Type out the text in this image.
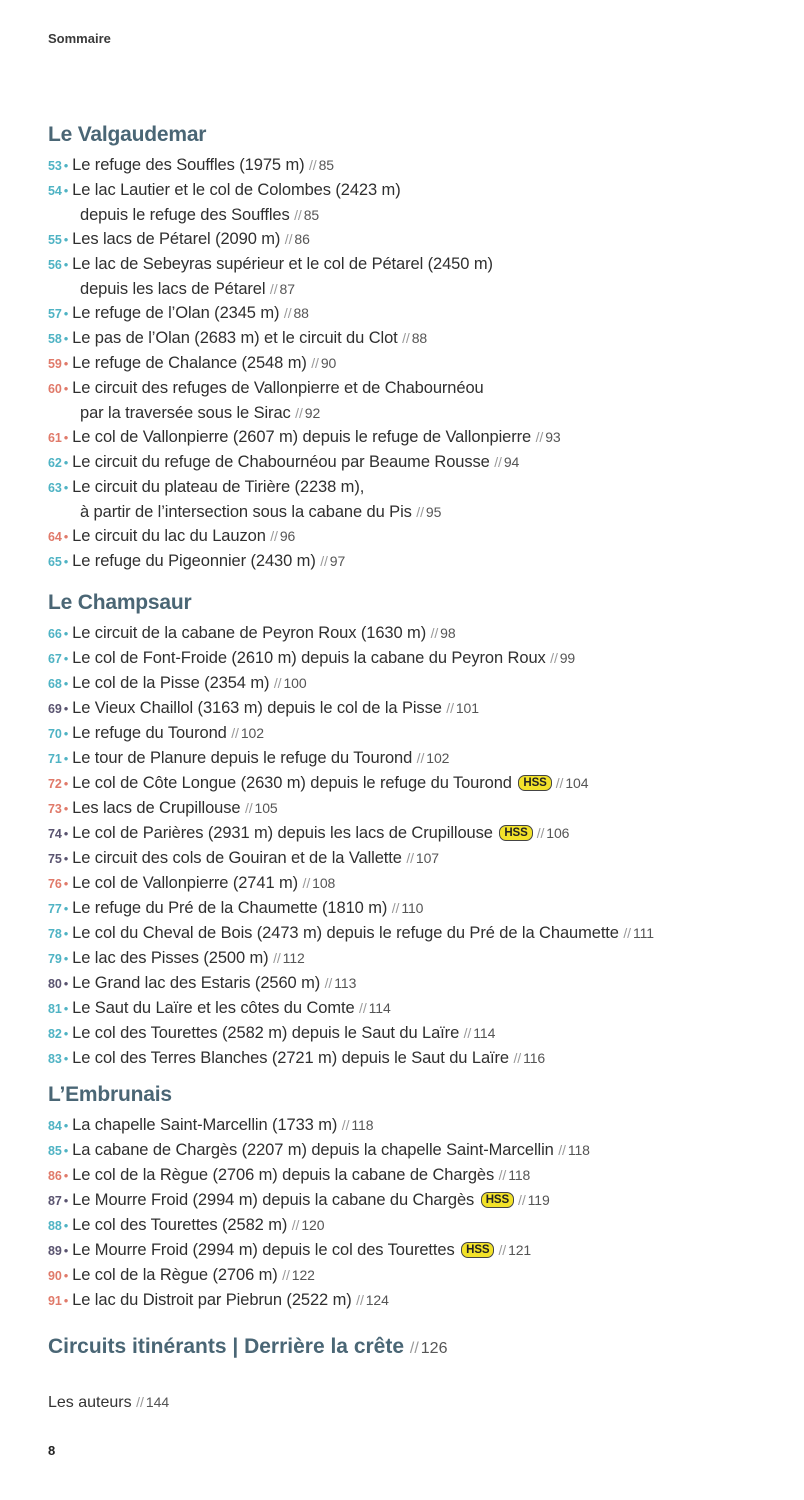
Sommaire
Le Valgaudemar
53 • Le refuge des Souffles (1975 m) // 85
54 • Le lac Lautier et le col de Colombes (2423 m)
depuis le refuge des Souffles // 85
55 • Les lacs de Pétarel (2090 m) // 86
56 • Le lac de Sebeyras supérieur et le col de Pétarel (2450 m)
depuis les lacs de Pétarel // 87
57 • Le refuge de l’Olan (2345 m) // 88
58 • Le pas de l’Olan (2683 m) et le circuit du Clot // 88
59 • Le refuge de Chalance (2548 m) // 90
60 • Le circuit des refuges de Vallonpierre et de Chabournéou
par la traversée sous le Sirac // 92
61 • Le col de Vallonpierre (2607 m) depuis le refuge de Vallonpierre // 93
62 • Le circuit du refuge de Chabournéou par Beaume Rousse // 94
63 • Le circuit du plateau de Tirière (2238 m),
à partir de l’intersection sous la cabane du Pis // 95
64 • Le circuit du lac du Lauzon // 96
65 • Le refuge du Pigeonnier (2430 m) // 97
Le Champsaur
66 • Le circuit de la cabane de Peyron Roux (1630 m) // 98
67 • Le col de Font-Froide (2610 m) depuis la cabane du Peyron Roux // 99
68 • Le col de la Pisse (2354 m) // 100
69 • Le Vieux Chaillol (3163 m) depuis le col de la Pisse // 101
70 • Le refuge du Tourond // 102
71 • Le tour de Planure depuis le refuge du Tourond // 102
72 • Le col de Côte Longue (2630 m) depuis le refuge du Tourond HSS // 104
73 • Les lacs de Crupillouse // 105
74 • Le col de Parières (2931 m) depuis les lacs de Crupillouse HSS // 106
75 • Le circuit des cols de Gouiran et de la Vallette // 107
76 • Le col de Vallonpierre (2741 m) // 108
77 • Le refuge du Pré de la Chaumette (1810 m) // 110
78 • Le col du Cheval de Bois (2473 m) depuis le refuge du Pré de la Chaumette // 111
79 • Le lac des Pisses (2500 m) // 112
80 • Le Grand lac des Estaris (2560 m) // 113
81 • Le Saut du Laïre et les côtes du Comte // 114
82 • Le col des Tourettes (2582 m) depuis le Saut du Laïre // 114
83 • Le col des Terres Blanches (2721 m) depuis le Saut du Laïre // 116
L’Embrunais
84 • La chapelle Saint-Marcellin (1733 m) // 118
85 • La cabane de Chargès (2207 m) depuis la chapelle Saint-Marcellin // 118
86 • Le col de la Règue (2706 m) depuis la cabane de Chargès // 118
87 • Le Mourre Froid (2994 m) depuis la cabane du Chargès HSS // 119
88 • Le col des Tourettes (2582 m) // 120
89 • Le Mourre Froid (2994 m) depuis le col des Tourettes HSS // 121
90 • Le col de la Règue (2706 m) // 122
91 • Le lac du Distroit par Piebrun (2522 m) // 124
Circuits itinérants | Derrière la crête // 126
Les auteurs // 144
8
